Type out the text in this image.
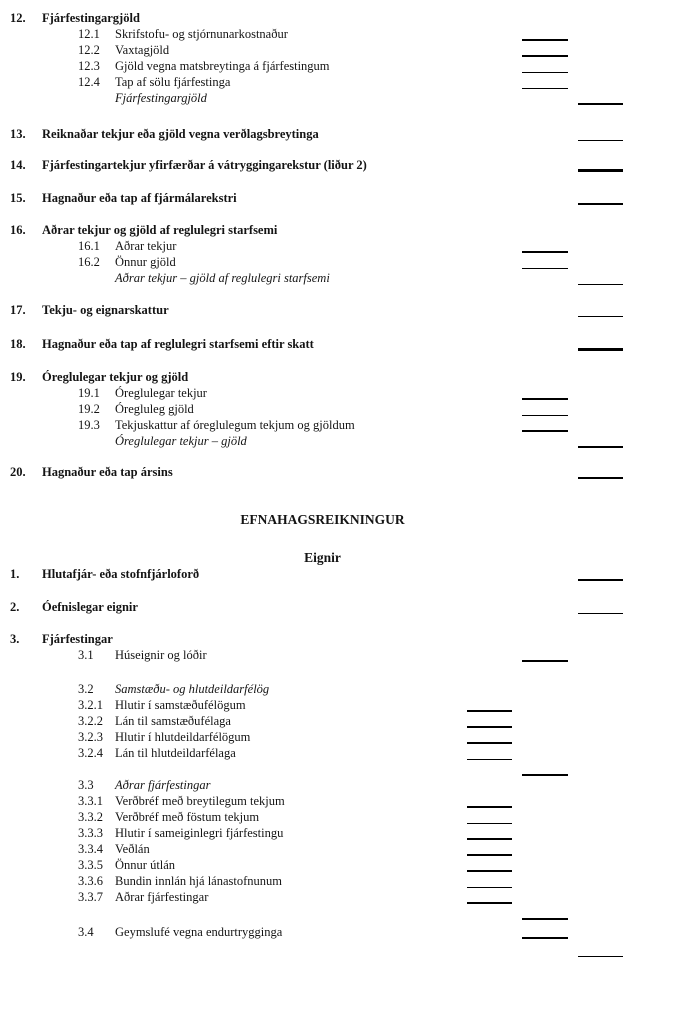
12. Fjárfestingargjöld
12.1 Skrifstofu- og stjórnunarkostnaður
12.2 Vaxtagjöld
12.3 Gjöld vegna matsbreytinga á fjárfestingum
12.4 Tap af sölu fjárfestinga
Fjárfestingargjöld
13. Reiknaðar tekjur eða gjöld vegna verðlagsbreytinga
14. Fjárfestingartekjur yfirfærðar á vátryggingarekstur (liður 2)
15. Hagnaður eða tap af fjármálarekstri
16. Aðrar tekjur og gjöld af reglulegri starfsemi
16.1 Aðrar tekjur
16.2 Önnur gjöld
Aðrar tekjur – gjöld af reglulegri starfsemi
17. Tekju- og eignarskattur
18. Hagnaður eða tap af reglulegri starfsemi eftir skatt
19. Óreglulegar tekjur og gjöld
19.1 Óreglulegar tekjur
19.2 Óregluleg gjöld
19.3 Tekjuskattur af óreglulegum tekjum og gjöldum
Óreglulegar tekjur – gjöld
20. Hagnaður eða tap ársins
EFNAHAGSREIKNINGUR
Eignir
1. Hlutafjár- eða stofnfjárloforð
2. Óefnislegar eignir
3. Fjárfestingar
3.1 Húseignir og lóðir
3.2 Samstæðu- og hlutdeildarfélög
3.2.1 Hlutir í samstæðufélögum
3.2.2 Lán til samstæðufélaga
3.2.3 Hlutir í hlutdeildarfélögum
3.2.4 Lán til hlutdeildarfélaga
3.3 Aðrar fjárfestingar
3.3.1 Verðbréf með breytilegum tekjum
3.3.2 Verðbréf með föstum tekjum
3.3.3 Hlutir í sameiginlegri fjárfestingu
3.3.4 Veðlán
3.3.5 Önnur útlán
3.3.6 Bundin innlán hjá lánastofnunum
3.3.7 Aðrar fjárfestingar
3.4 Geymslufé vegna endurtrygginga
